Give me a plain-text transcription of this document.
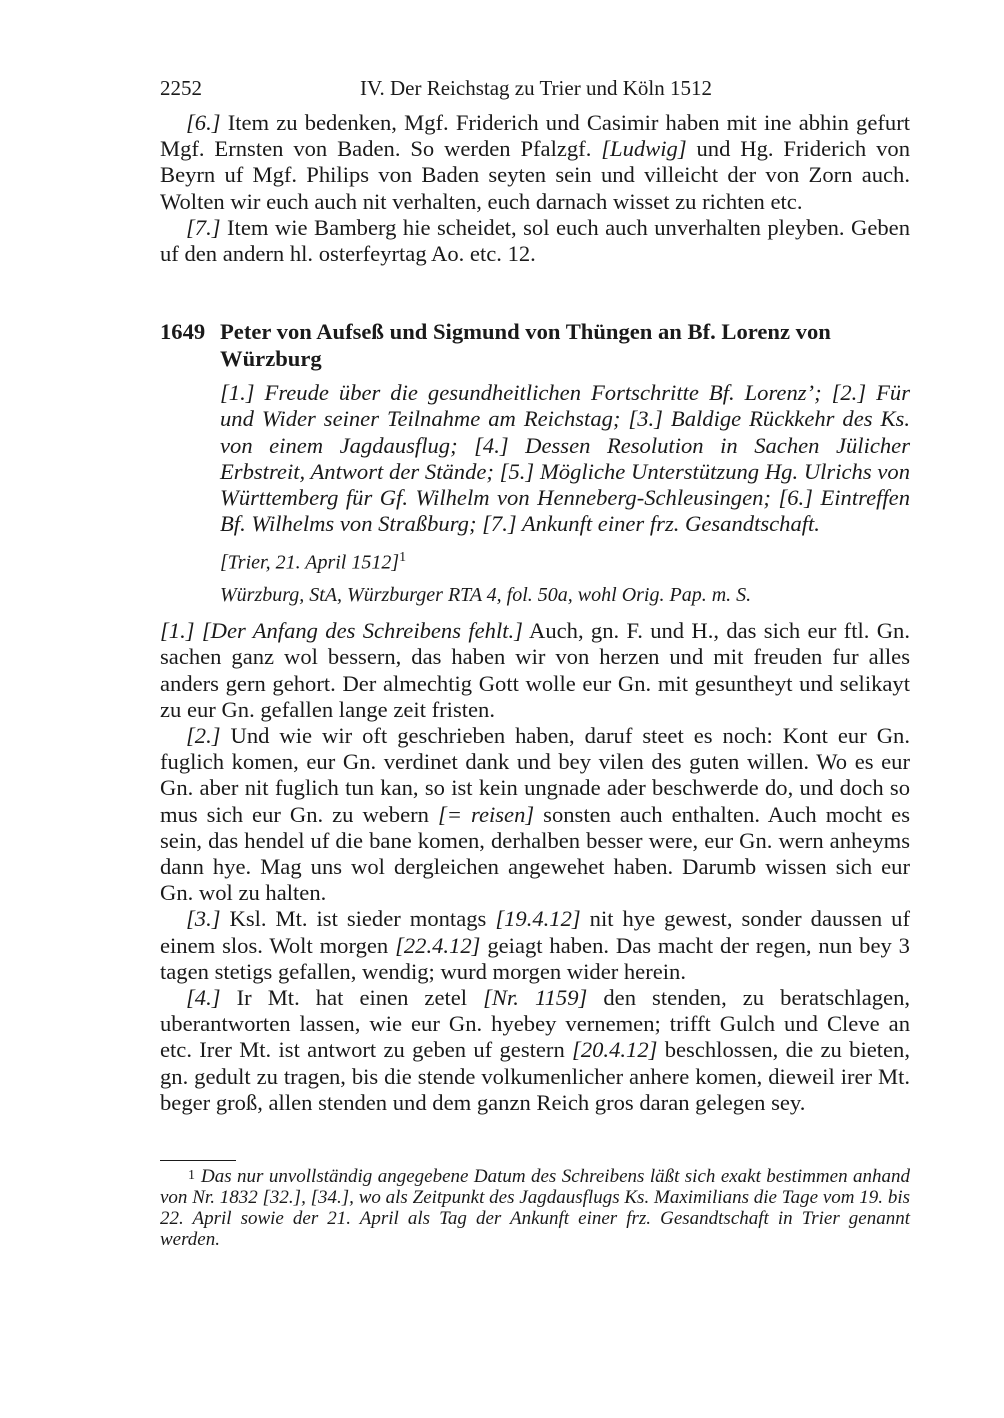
2252	IV. Der Reichstag zu Trier und Köln 1512

[6.] Item zu bedenken, Mgf. Friderich und Casimir haben mit ine abhin gefurt Mgf. Ernsten von Baden. So werden Pfalzgf. [Ludwig] und Hg. Friderich von Beyrn uf Mgf. Philips von Baden seyten sein und villeicht der von Zorn auch. Wolten wir euch auch nit verhalten, euch darnach wisset zu richten etc.

[7.] Item wie Bamberg hie scheidet, sol euch auch unverhalten pleyben. Geben uf den andern hl. osterfeyrtag Ao. etc. 12.

1649 Peter von Aufseß und Sigmund von Thüngen an Bf. Lorenz von Würzburg
[1.] Freude über die gesundheitlichen Fortschritte Bf. Lorenz’; [2.] Für und Wider seiner Teilnahme am Reichstag; [3.] Baldige Rückkehr des Ks. von einem Jagdausflug; [4.] Dessen Resolution in Sachen Jülicher Erbstreit, Antwort der Stände; [5.] Mögliche Unterstützung Hg. Ulrichs von Württemberg für Gf. Wilhelm von Henneberg-Schleusingen; [6.] Eintreffen Bf. Wilhelms von Straßburg; [7.] Ankunft einer frz. Gesandtschaft.
[Trier, 21. April 1512]$^1$
Würzburg, StA, Würzburger RTA 4, fol. 50a, wohl Orig. Pap. m. S.

[1.] [Der Anfang des Schreibens fehlt.] Auch, gn. F. und H., das sich eur ftl. Gn. sachen ganz wol bessern, das haben wir von herzen und mit freuden fur alles anders gern gehort. Der almechtig Gott wolle eur Gn. mit gesuntheyt und selikayt zu eur Gn. gefallen lange zeit fristen.

[2.] Und wie wir oft geschrieben haben, daruf steet es noch: Kont eur Gn. fuglich komen, eur Gn. verdinet dank und bey vilen des guten willen. Wo es eur Gn. aber nit fuglich tun kan, so ist kein ungnade ader beschwerde do, und doch so mus sich eur Gn. zu webern [= reisen] sonsten auch enthalten. Auch mocht es sein, das hendel uf die bane komen, derhalben besser were, eur Gn. wern anheyms dann hye. Mag uns wol dergleichen angewehet haben. Darumb wissen sich eur Gn. wol zu halten.

[3.] Ksl. Mt. ist sieder montags [19.4.12] nit hye gewest, sonder daussen uf einem slos. Wolt morgen [22.4.12] geiagt haben. Das macht der regen, nun bey 3 tagen stetigs gefallen, wendig; wurd morgen wider herein.

[4.] Ir Mt. hat einen zetel [Nr. 1159] den stenden, zu beratschlagen, uberantworten lassen, wie eur Gn. hyebey vernemen; trifft Gulch und Cleve an etc. Irer Mt. ist antwort zu geben uf gestern [20.4.12] beschlossen, die zu bieten, gn. gedult zu tragen, bis die stende volkumenlicher anhere komen, dieweil irer Mt. beger groß, allen stenden und dem ganzn Reich gros daran gelegen sey.

1 Das nur unvollständig angegebene Datum des Schreibens läßt sich exakt bestimmen anhand von Nr. 1832 [32.], [34.], wo als Zeitpunkt des Jagdausflugs Ks. Maximilians die Tage vom 19. bis 22. April sowie der 21. April als Tag der Ankunft einer frz. Gesandtschaft in Trier genannt werden.
